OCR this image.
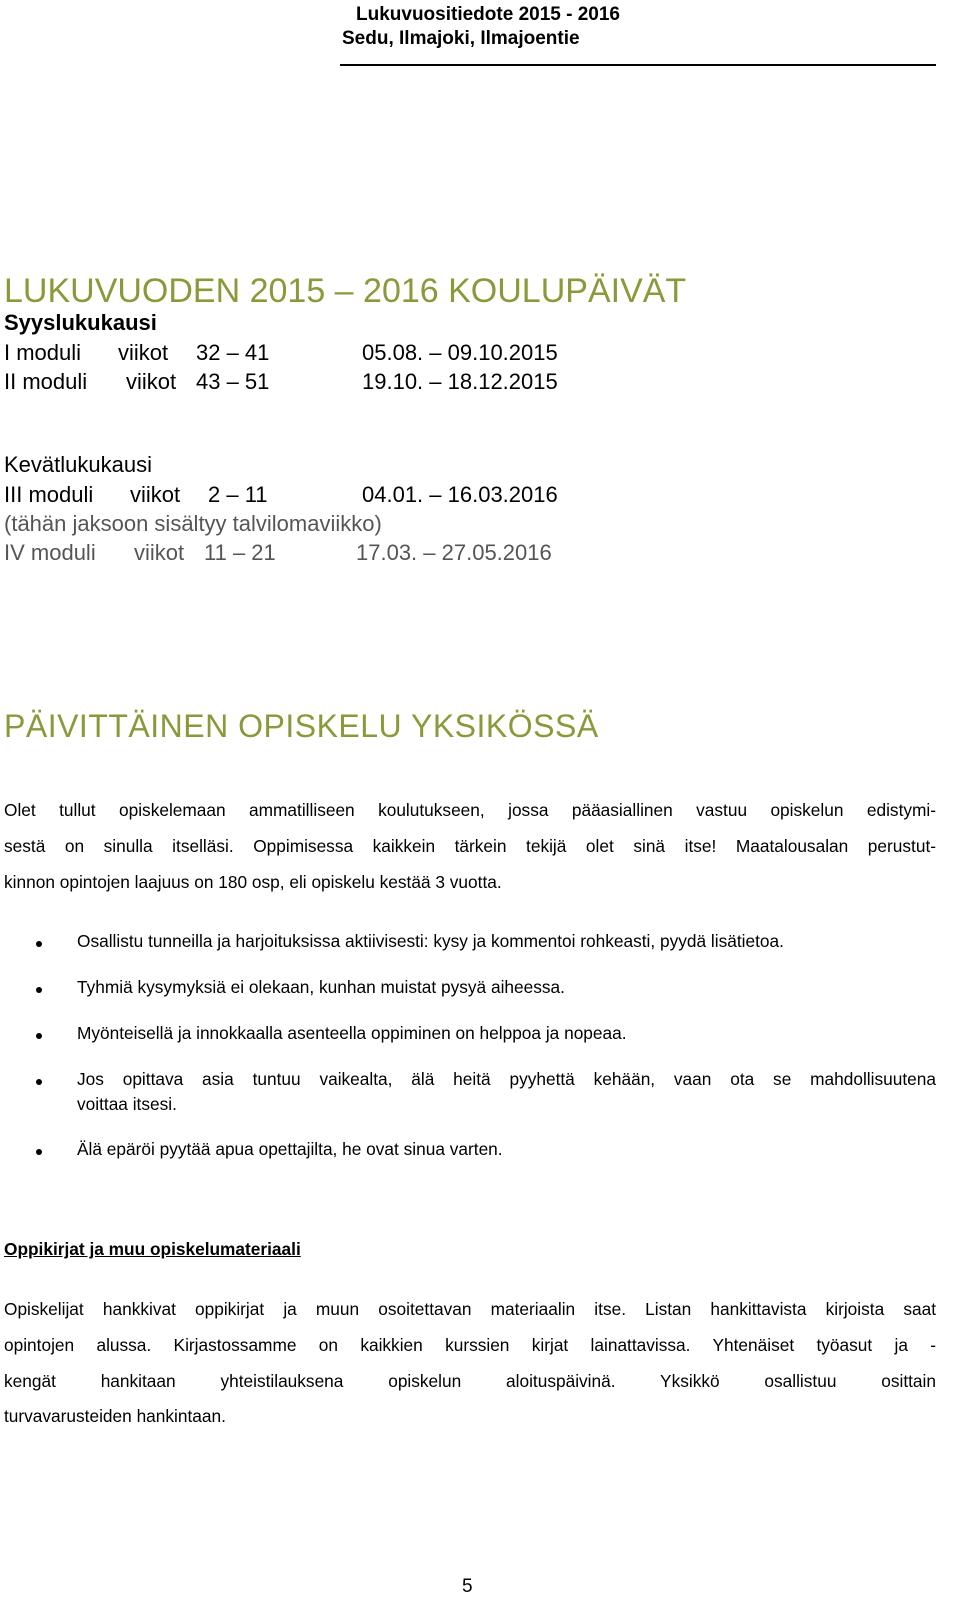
Lukuvuositiedote 2015 - 2016
Sedu, Ilmajoki, Ilmajoentie
LUKUVUODEN 2015 – 2016 KOULUPÄIVÄT
Syyslukukausi
I moduli viikot 32 – 41	05.08. – 09.10.2015
II moduli viikot 43 – 51	19.10. – 18.12.2015
Kevätlukukausi
III moduli viikot 2 – 11	04.01. – 16.03.2016
(tähän jaksoon sisältyy talvilomaviikko)
IV moduli viikot 11 – 21	17.03. – 27.05.2016
PÄIVITTÄINEN OPISKELU YKSIKÖSSÄ
Olet tullut opiskelemaan ammatilliseen koulutukseen, jossa pääasiallinen vastuu opiskelun edistymi-
sestä on sinulla itselläsi. Oppimisessa kaikkein tärkein tekijä olet sinä itse! Maatalousalan perustut-
kinnon opintojen laajuus on 180 osp, eli opiskelu kestää 3 vuotta.
Osallistu tunneilla ja harjoituksissa aktiivisesti: kysy ja kommentoi rohkeasti, pyydä lisätietoa.
Tyhmiä kysymyksiä ei olekaan, kunhan muistat pysyä aiheessa.
Myönteisellä ja innokkaalla asenteella oppiminen on helppoa ja nopeaa.
Jos opittava asia tuntuu vaikealta, älä heitä pyyhettä kehään, vaan ota se mahdollisuutena
voittaa itsesi.
Älä epäröi pyytää apua opettajilta, he ovat sinua varten.
Oppikirjat ja muu opiskelumateriaali
Opiskelijat hankkivat oppikirjat ja muun osoitettavan materiaalin itse. Listan hankittavista kirjoista saat
opintojen alussa. Kirjastossamme on kaikkien kurssien kirjat lainattavissa. Yhtenäiset työasut ja -
kengät hankitaan yhteistilauksena opiskelun aloituspäivinä. Yksikkö osallistuu osittain
turvavarusteiden hankintaan.
5
